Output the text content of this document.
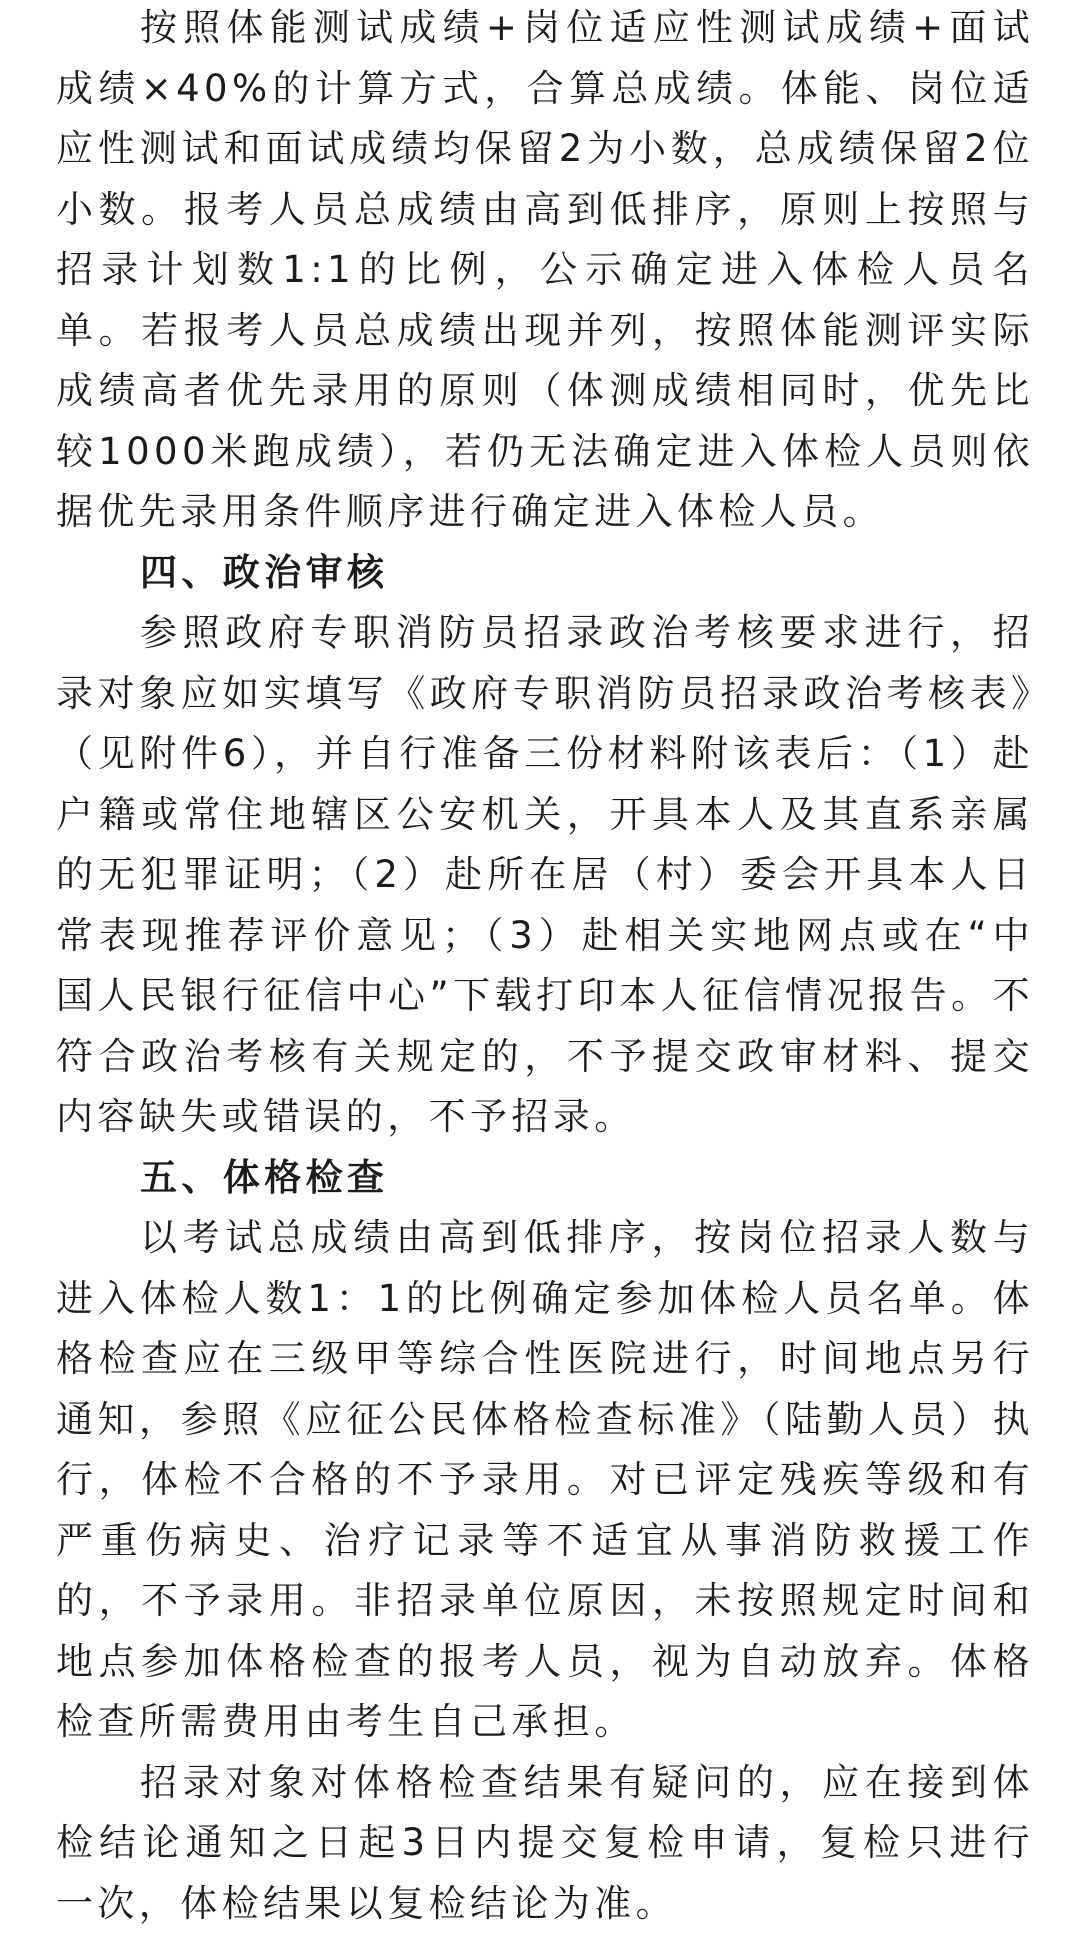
按照体能测试成绩+岗位适应性测试成绩+面试成绩×40%的计算方式，合算总成绩。体能、岗位适应性测试和面试成绩均保留2为小数，总成绩保留2位小数。报考人员总成绩由高到低排序，原则上按照与招录计划数1:1的比例，公示确定进入体检人员名单。若报考人员总成绩出现并列，按照体能测评实际成绩高者优先录用的原则（体测成绩相同时，优先比较1000米跑成绩），若仍无法确定进入体检人员则依据优先录用条件顺序进行确定进入体检人员。

四、政治审核

参照政府专职消防员招录政治考核要求进行，招录对象应如实填写《政府专职消防员招录政治考核表》（见附件6），并自行准备三份材料附该表后：（1）赴户籍或常住地辖区公安机关，开具本人及其直系亲属的无犯罪证明；（2）赴所在居（村）委会开具本人日常表现推荐评价意见；（3）赴相关实地网点或在“中国人民银行征信中心”下载打印本人征信情况报告。不符合政治考核有关规定的，不予提交政审材料、提交内容缺失或错误的，不予招录。

五、体格检查

以考试总成绩由高到低排序，按岗位招录人数与进入体检人数1：1的比例确定参加体检人员名单。体格检查应在三级甲等综合性医院进行，时间地点另行通知，参照《应征公民体格检查标准》（陆勤人员）执行，体检不合格的不予录用。对已评定残疾等级和有严重伤病史、治疗记录等不适宜从事消防救援工作的，不予录用。非招录单位原因，未按照规定时间和地点参加体格检查的报考人员，视为自动放弃。体格检查所需费用由考生自己承担。

招录对象对体格检查结果有疑问的，应在接到体检结论通知之日起3日内提交复检申请，复检只进行一次，体检结果以复检结论为准。
